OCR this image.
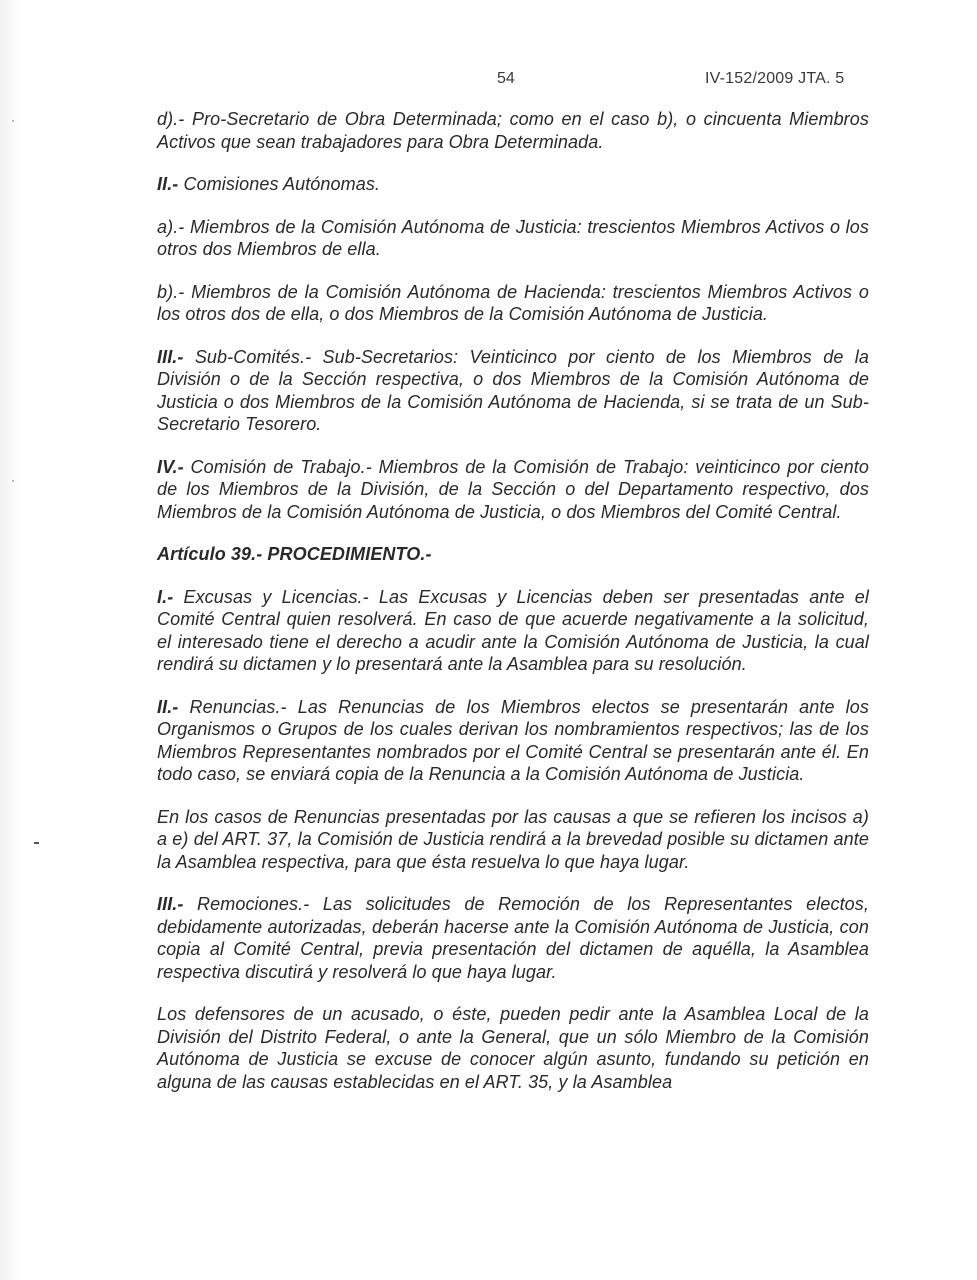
54	IV-152/2009 JTA. 5

d).- Pro-Secretario de Obra Determinada; como en el caso b), o cincuenta Miembros Activos que sean trabajadores para Obra Determinada.

II.- Comisiones Autónomas.

a).- Miembros de la Comisión Autónoma de Justicia: trescientos Miembros Activos o los otros dos Miembros de ella.

b).- Miembros de la Comisión Autónoma de Hacienda: trescientos Miembros Activos o los otros dos de ella, o dos Miembros de la Comisión Autónoma de Justicia.

III.- Sub-Comités.- Sub-Secretarios: Veinticinco por ciento de los Miembros de la División o de la Sección respectiva, o dos Miembros de la Comisión Autónoma de Justicia o dos Miembros de la Comisión Autónoma de Hacienda, si se trata de un Sub-Secretario Tesorero.

IV.- Comisión de Trabajo.- Miembros de la Comisión de Trabajo: veinticinco por ciento de los Miembros de la División, de la Sección o del Departamento respectivo, dos Miembros de la Comisión Autónoma de Justicia, o dos Miembros del Comité Central.

Artículo 39.- PROCEDIMIENTO.-

I.- Excusas y Licencias.- Las Excusas y Licencias deben ser presentadas ante el Comité Central quien resolverá. En caso de que acuerde negativamente a la solicitud, el interesado tiene el derecho a acudir ante la Comisión Autónoma de Justicia, la cual rendirá su dictamen y lo presentará ante la Asamblea para su resolución.

II.- Renuncias.- Las Renuncias de los Miembros electos se presentarán ante los Organismos o Grupos de los cuales derivan los nombramientos respectivos; las de los Miembros Representantes nombrados por el Comité Central se presentarán ante él. En todo caso, se enviará copia de la Renuncia a la Comisión Autónoma de Justicia.

En los casos de Renuncias presentadas por las causas a que se refieren los incisos a) a e) del ART. 37, la Comisión de Justicia rendirá a la brevedad posible su dictamen ante la Asamblea respectiva, para que ésta resuelva lo que haya lugar.

III.- Remociones.- Las solicitudes de Remoción de los Representantes electos, debidamente autorizadas, deberán hacerse ante la Comisión Autónoma de Justicia, con copia al Comité Central, previa presentación del dictamen de aquélla, la Asamblea respectiva discutirá y resolverá lo que haya lugar.

Los defensores de un acusado, o éste, pueden pedir ante la Asamblea Local de la División del Distrito Federal, o ante la General, que un sólo Miembro de la Comisión Autónoma de Justicia se excuse de conocer algún asunto, fundando su petición en alguna de las causas establecidas en el ART. 35, y la Asamblea
